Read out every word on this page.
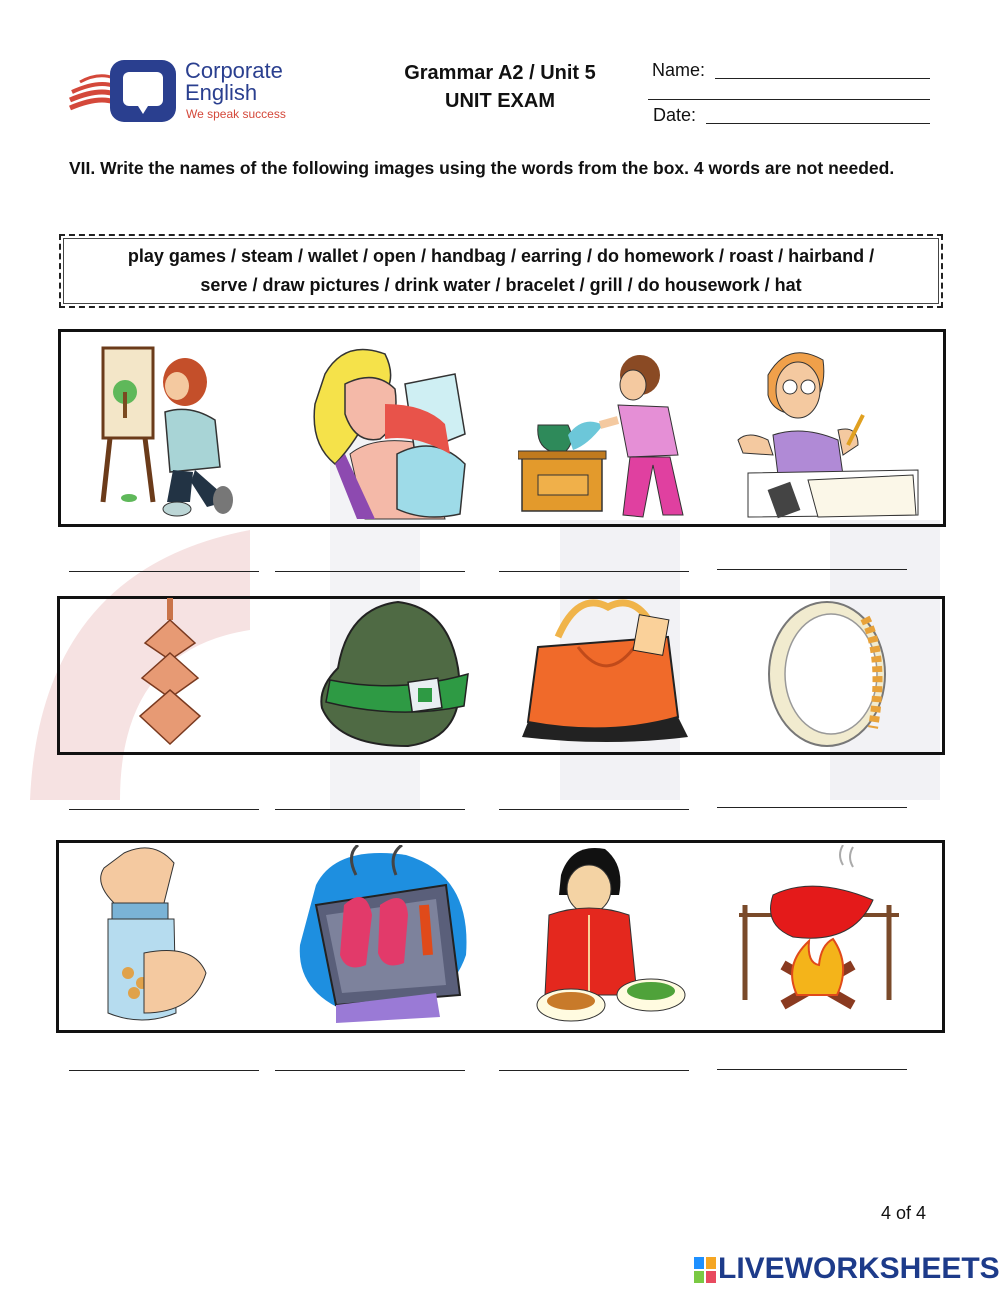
Corporate
English
We speak success
Grammar A2 / Unit 5
UNIT EXAM
Name:
Date:
VII. Write the names of the following images using the words from the box. 4 words are not needed.
play games / steam / wallet / open / handbag / earring / do homework / roast / hairband /
serve / draw pictures / drink water / bracelet / grill / do housework / hat
4 of 4
LIVEWORKSHEETS
